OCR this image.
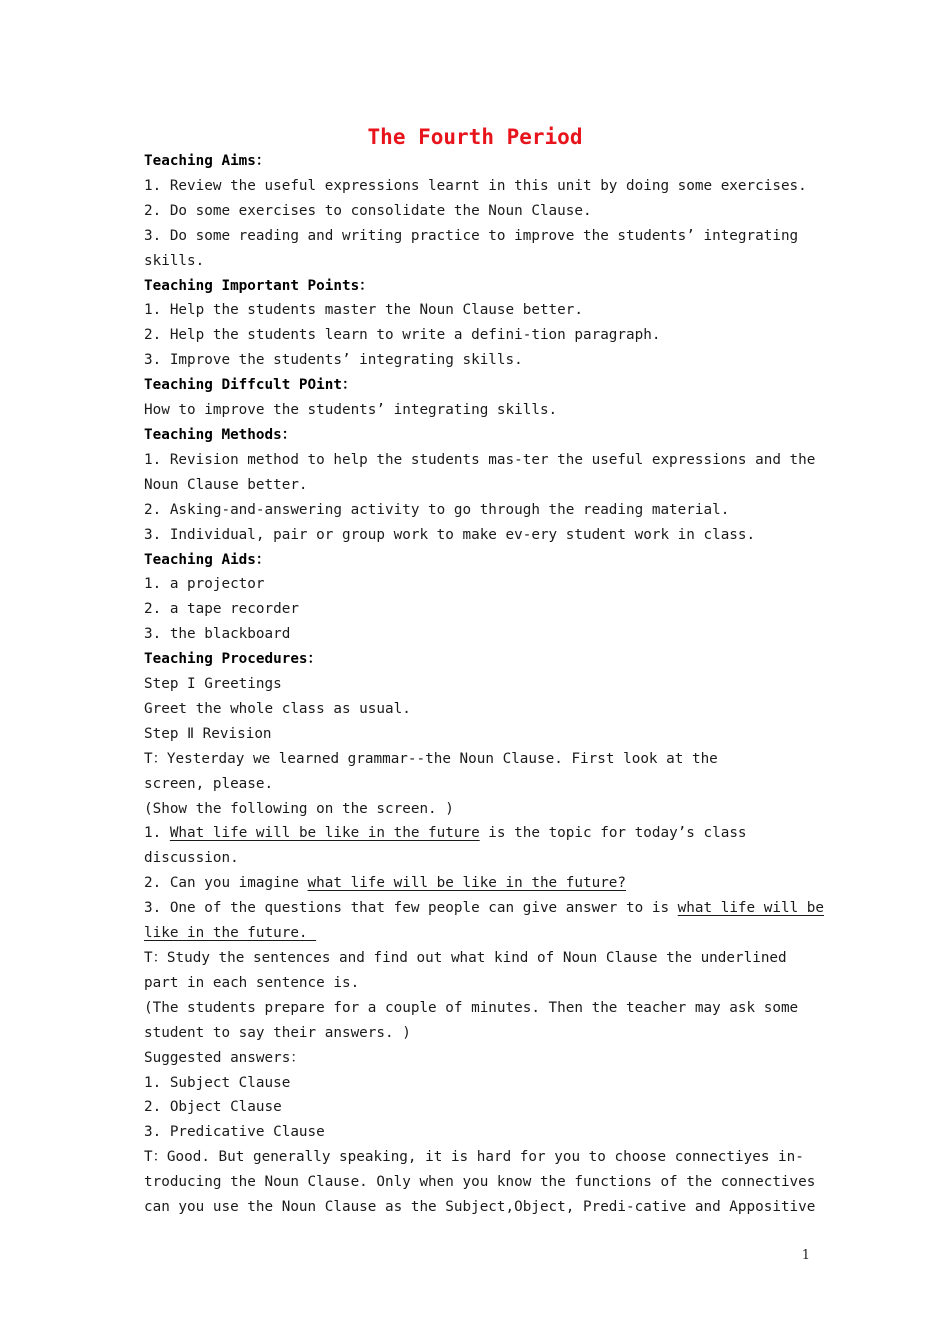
The Fourth Period
Teaching Aims：
1. Review the useful expressions learnt in this unit by doing some exercises.
2. Do some exercises to consolidate the Noun Clause.
3. Do some reading and writing practice to improve the students’ integrating
skills.
Teaching Important Points：
1. Help the students master the Noun Clause better.
2. Help the students learn to write a defini-tion paragraph.
3. Improve the students’ integrating skills.
Teaching Diffcult POint：
How to improve the students’ integrating skills.
Teaching Methods：
1. Revision method to help the students mas-ter the useful expressions and the
Noun Clause better.
2. Asking-and-answering activity to go through the reading material.
3. Individual, pair or group work to make ev-ery student work in class.
Teaching Aids：
1. a projector
2. a tape recorder
3. the blackboard
Teaching Procedures：
Step I Greetings
Greet the whole class as usual.
Step Ⅱ Revision
T：Yesterday we learned grammar--the Noun Clause. First look at the
screen, please.
(Show the following on the screen. )
1. What life will be like in the future is the topic for today’s class
discussion.
2. Can you imagine what life will be like in the future?
3. One of the questions that few people can give answer to is what life will be
like in the future.
T：Study the sentences and find out what kind of Noun Clause the underlined
part in each sentence is.
(The students prepare for a couple of minutes. Then the teacher may ask some
student to say their answers. )
Suggested answers：
1. Subject Clause
2. Object Clause
3. Predicative Clause
T：Good. But generally speaking, it is hard for you to choose connectiyes in-
troducing the Noun Clause. Only when you know the functions of the connectives
can you use the Noun Clause as the Subject,Object, Predi-cative and Appositive
1
